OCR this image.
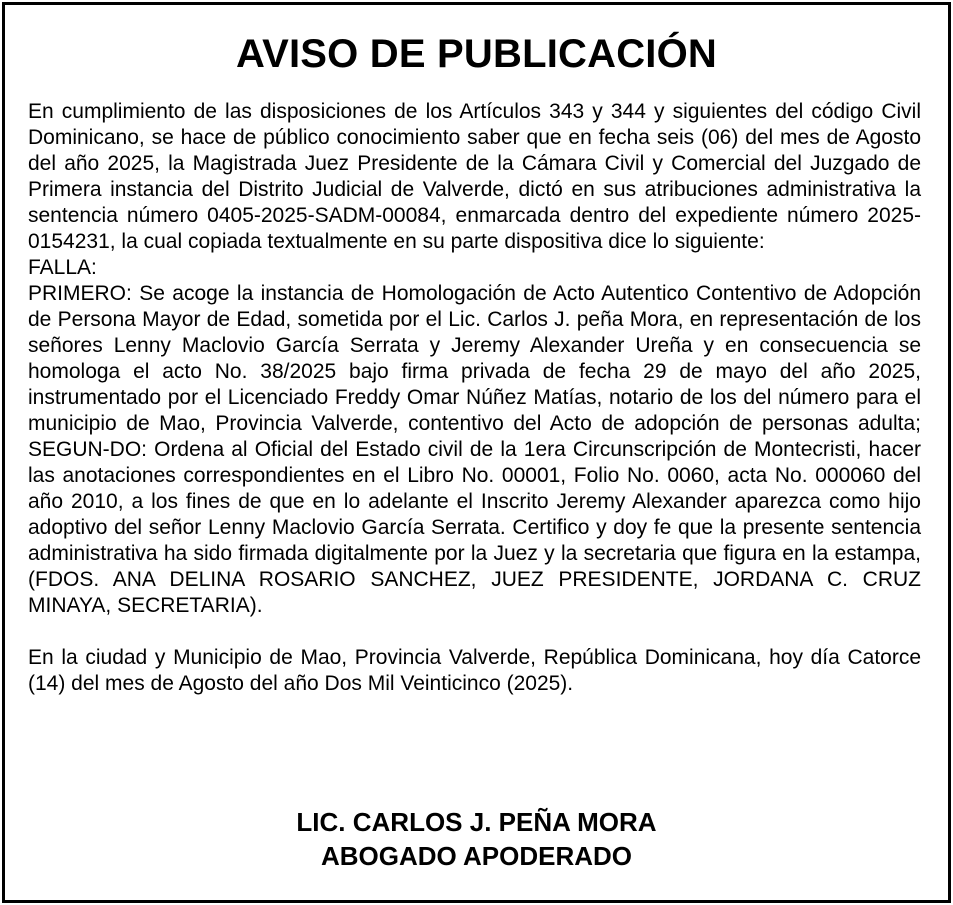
AVISO DE PUBLICACIÓN

En cumplimiento de las disposiciones de los Artículos 343 y 344 y siguientes del código Civil Dominicano, se hace de público conocimiento saber que en fecha seis (06) del mes de Agosto del año 2025, la Magistrada Juez Presidente de la Cámara Civil y Comercial del Juzgado de Primera instancia del Distrito Judicial de Valverde, dictó en sus atribuciones administrativa la sentencia número 0405-2025-SADM-00084, enmarcada dentro del expediente número 2025-0154231, la cual copiada textualmente en su parte dispositiva dice lo siguiente:

FALLA:

PRIMERO: Se acoge la instancia de Homologación de Acto Autentico Contentivo de Adopción de Persona Mayor de Edad, sometida por el Lic. Carlos J. peña Mora, en representación de los señores Lenny Maclovio García Serrata y Jeremy Alexander Ureña y en consecuencia se homologa el acto No. 38/2025 bajo firma privada de fecha 29 de mayo del año 2025, instrumentado por el Licenciado Freddy Omar Núñez Matías, notario de los del número para el municipio de Mao, Provincia Valverde, contentivo del Acto de adopción de personas adulta; SEGUN-DO: Ordena al Oficial del Estado civil de la 1era Circunscripción de Montecristi, hacer las anotaciones correspondientes en el Libro No. 00001, Folio No. 0060, acta No. 000060 del año 2010, a los fines de que en lo adelante el Inscrito Jeremy Alexander aparezca como hijo adoptivo del señor Lenny Maclovio García Serrata. Certifico y doy fe que la presente sentencia administrativa ha sido firmada digitalmente por la Juez y la secretaria que figura en la estampa, (FDOS. ANA DELINA ROSARIO SANCHEZ, JUEZ PRESIDENTE, JORDANA C. CRUZ MINAYA, SECRETARIA).

En la ciudad y Municipio de Mao, Provincia Valverde, República Dominicana, hoy día Catorce (14) del mes de Agosto del año Dos Mil Veinticinco (2025).

LIC. CARLOS J. PEÑA MORA
ABOGADO APODERADO
